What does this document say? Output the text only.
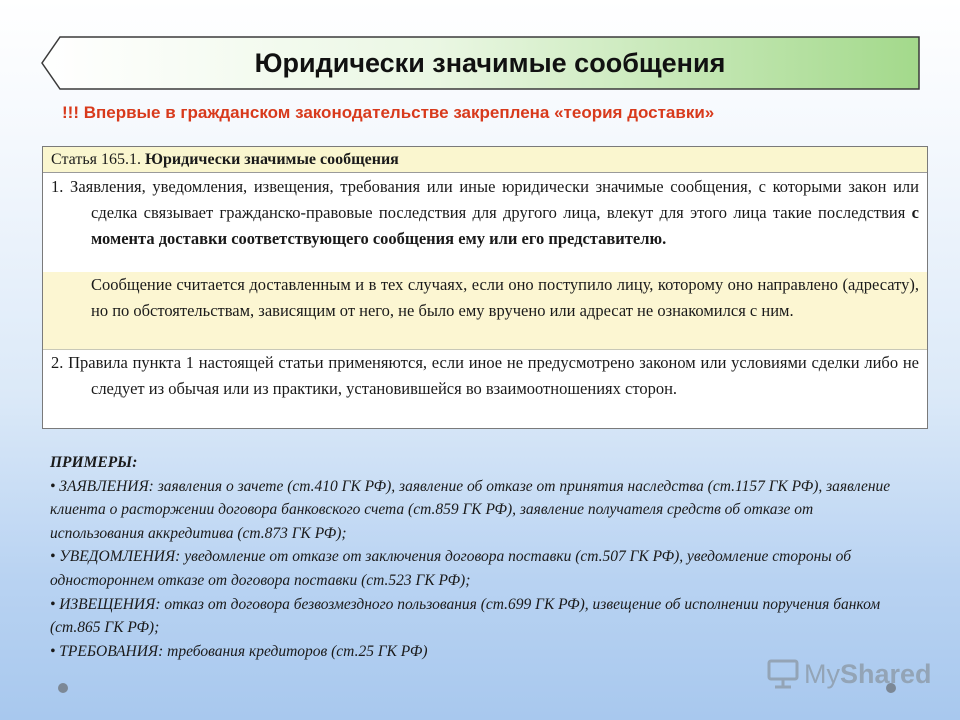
Юридически значимые сообщения
!!! Впервые в гражданском законодательстве закреплена «теория доставки»
Статья 165.1. Юридически значимые сообщения
1. Заявления, уведомления, извещения, требования или иные юридически значимые сообщения, с которыми закон или сделка связывает гражданско-правовые последствия для другого лица, влекут для этого лица такие последствия с момента доставки соответствующего сообщения ему или его представителю.
Сообщение считается доставленным и в тех случаях, если оно поступило лицу, которому оно направлено (адресату), но по обстоятельствам, зависящим от него, не было ему вручено или адресат не ознакомился с ним.
2. Правила пункта 1 настоящей статьи применяются, если иное не предусмотрено законом или условиями сделки либо не следует из обычая или из практики, установившейся во взаимоотношениях сторон.
ПРИМЕРЫ:
• ЗАЯВЛЕНИЯ: заявления о зачете (ст.410 ГК РФ), заявление об отказе от принятия наследства (ст.1157 ГК РФ), заявление клиента о расторжении договора банковского счета (ст.859 ГК РФ), заявление получателя средств об отказе от использования аккредитива (ст.873 ГК РФ);
• УВЕДОМЛЕНИЯ: уведомление от отказе от заключения договора поставки (ст.507 ГК РФ), уведомление стороны об одностороннем отказе от договора поставки (ст.523 ГК РФ);
• ИЗВЕЩЕНИЯ: отказ от договора безвозмездного пользования (ст.699 ГК РФ), извещение об исполнении поручения банком (ст.865 ГК РФ);
• ТРЕБОВАНИЯ: требования кредиторов (ст.25 ГК РФ)
My Shared
